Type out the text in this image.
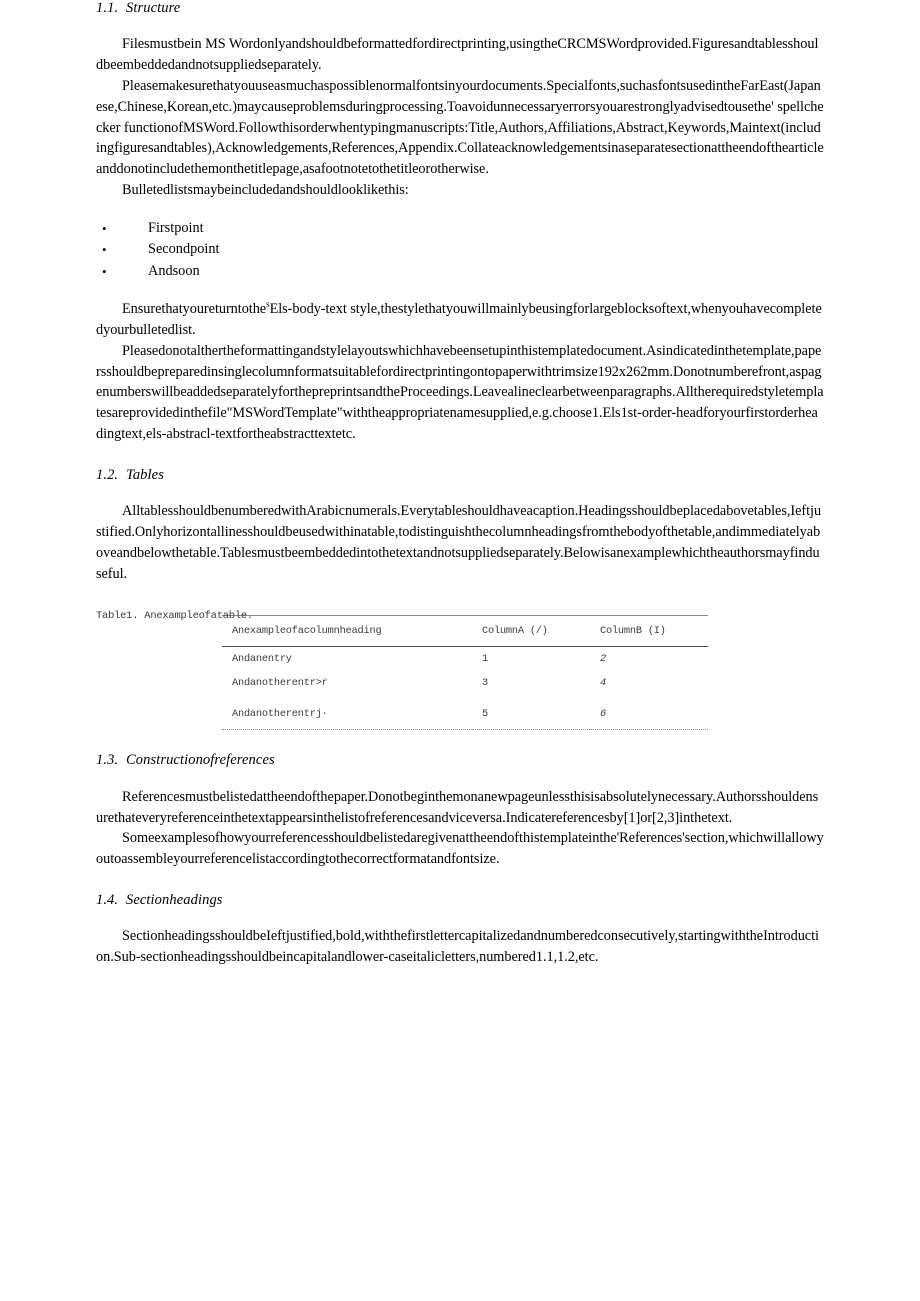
1.1. Structure

Filesmustbein MS Wordonlyandshouldbeformattedfordirectprinting,usingtheCRCMSWordprovided.Figuresandtablesshouldbeembeddedandnotsuppliedseparately.

Pleasemakesurethatyouuseasmuchaspossiblenormalfontsinyourdocuments.Specialfonts,suchasfontsusedintheFarEast(Japanese,Chinese,Korean,etc.)maycauseproblemsduringprocessing.Toavoidunnecessaryerrorsyouarestronglyadvisedtousethe' spellchecker functionofMSWord.Followthisorderwhentypingmanuscripts:Title,Authors,Affiliations,Abstract,Keywords,Maintext(includingfiguresandtables),Acknowledgements,References,Appendix.Collateacknowledgementsinaseparatesectionattheendofthearticleanddonotincludethemonthetitlepage,asafootnotetothetitleorotherwise.

Bulletedlistsmaybeincludedandshouldlooklikethis:

•	Firstpoint
•	Secondpoint
•	Andsoon

Ensurethatyoureturntothe$^s$Els-body-text style,thestylethatyouwillmainlybeusingforlargeblocksoftext,whenyouhavecompletedyourbulletedlist.

Pleasedonotalthertheformattingandstylelayoutswhichhavebeensetupinthistemplatedocument.Asindicatedinthetemplate,papersshouldbepreparedinsinglecolumnformatsuitablefordirectprintingontopaperwithtrimsize192x262mm.Donotnumberefront,aspagenumberswillbeaddedseparatelyforthepreprintsandtheProceedings.Leavealineclearbetweenparagraphs.Alltherequiredstyletemplatesareprovidedinthefile"MSWordTemplate"withtheappropriatenamesupplied,e.g.choose1.Els1st-order-headforyourfirstorderheadingtext,els-abstracl-textfortheabstracttextetc.

1.2. Tables

AlltablesshouldbenumberedwithArabicnumerals.Everytableshouldhaveacaption.Headingsshouldbeplacedabovetables,Ieftjustified.Onlyhorizontallinesshouldbeusedwithinatable,todistinguishthecolumnheadingsfromthebodyofthetable,andimmediatelyaboveandbelowthetable.Tablesmustbeembeddedintothetextandnotsuppliedseparately.Belowisanexamplewhichtheauthorsmayfinduseful.

Table1. Anexampleofatable.
Anexampleofacolumnheading	ColumnA (/)	ColumnB (I)
Andanentry	1	2
Andanotherentr>r	3	4
Andanotherentrj·	5	6
1.3. Constructionofreferences

Referencesmustbelistedattheendofthepaper.Donotbeginthemonanewpageunlessthisisabsolutelynecessary.Authorsshouldensurethateveryreferenceinthetextappearsinthelistofreferencesandviceversa.Indicatereferencesby[1]or[2,3]inthetext.

Someexamplesofhowyourreferencesshouldbelistedaregivenattheendofthistemplateinthe'References'section,whichwillallowyoutoassembleyourreferencelistaccordingtothecorrectformatandfontsize.

1.4. Sectionheadings

SectionheadingsshouldbeIeftjustified,bold,withthefirstlettercapitalizedandnumberedconsecutively,startingwiththeIntroduction.Sub-sectionheadingsshouldbeincapitalandlower-caseitalicletters,numbered1.1,1.2,etc.
